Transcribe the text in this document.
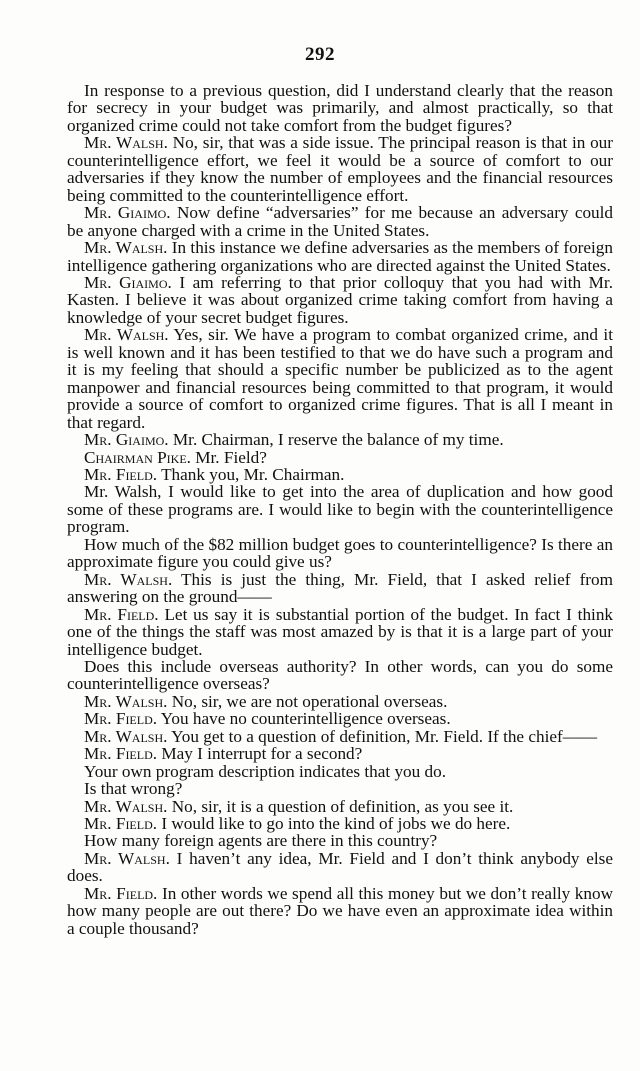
292

In response to a previous question, did I understand clearly that the reason for secrecy in your budget was primarily, and almost practically, so that organized crime could not take comfort from the budget figures?

Mr. Walsh. No, sir, that was a side issue. The principal reason is that in our counterintelligence effort, we feel it would be a source of comfort to our adversaries if they know the number of employees and the financial resources being committed to the counterintelligence effort.

Mr. Giaimo. Now define “adversaries” for me because an adversary could be anyone charged with a crime in the United States.

Mr. Walsh. In this instance we define adversaries as the members of foreign intelligence gathering organizations who are directed against the United States.

Mr. Giaimo. I am referring to that prior colloquy that you had with Mr. Kasten. I believe it was about organized crime taking comfort from having a knowledge of your secret budget figures.

Mr. Walsh. Yes, sir. We have a program to combat organized crime, and it is well known and it has been testified to that we do have such a program and it is my feeling that should a specific number be publicized as to the agent manpower and financial resources being committed to that program, it would provide a source of comfort to organized crime figures. That is all I meant in that regard.

Mr. Giaimo. Mr. Chairman, I reserve the balance of my time.

Chairman Pike. Mr. Field?

Mr. Field. Thank you, Mr. Chairman.

Mr. Walsh, I would like to get into the area of duplication and how good some of these programs are. I would like to begin with the counterintelligence program.

How much of the $82 million budget goes to counterintelligence? Is there an approximate figure you could give us?

Mr. Walsh. This is just the thing, Mr. Field, that I asked relief from answering on the ground——

Mr. Field. Let us say it is substantial portion of the budget. In fact I think one of the things the staff was most amazed by is that it is a large part of your intelligence budget.

Does this include overseas authority? In other words, can you do some counterintelligence overseas?

Mr. Walsh. No, sir, we are not operational overseas.

Mr. Field. You have no counterintelligence overseas.

Mr. Walsh. You get to a question of definition, Mr. Field. If the chief——

Mr. Field. May I interrupt for a second?

Your own program description indicates that you do.

Is that wrong?

Mr. Walsh. No, sir, it is a question of definition, as you see it.

Mr. Field. I would like to go into the kind of jobs we do here.

How many foreign agents are there in this country?

Mr. Walsh. I haven’t any idea, Mr. Field and I don’t think anybody else does.

Mr. Field. In other words we spend all this money but we don’t really know how many people are out there? Do we have even an approximate idea within a couple thousand?
